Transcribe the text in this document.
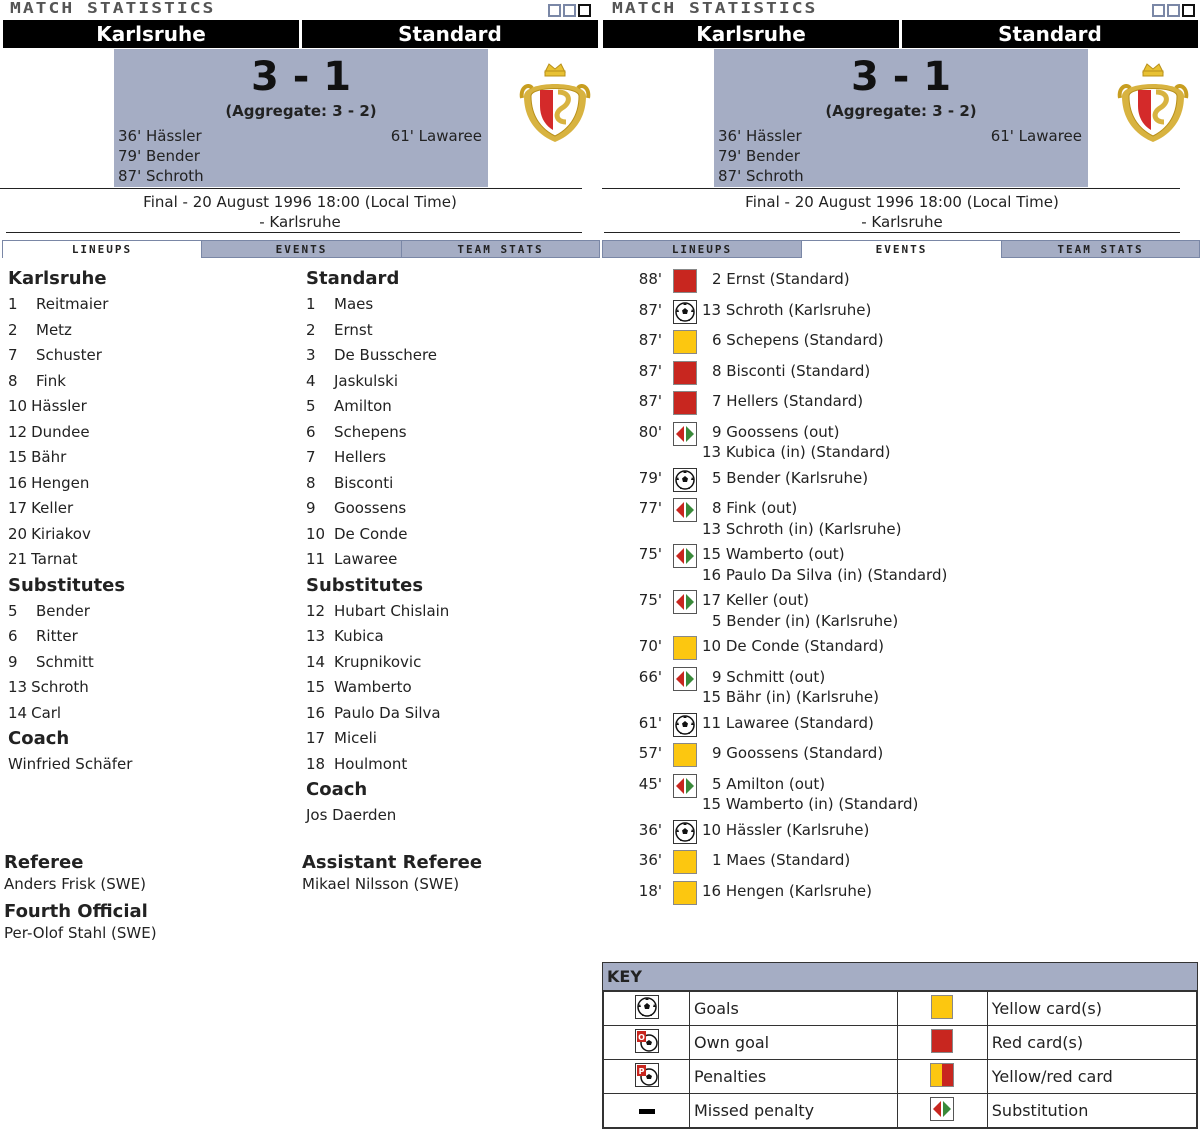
MATCH STATISTICS
Karlsruhe	Standard
3 - 1
(Aggregate: 3 - 2)
36' Hässler
79' Bender
87' Schroth
61' Lawaree
Final - 20 August 1996 18:00 (Local Time)
- Karlsruhe
LINEUPS	EVENTS	TEAM STATS
Karlsruhe
1 Reitmaier
2 Metz
7 Schuster
8 Fink
10 Hässler
12 Dundee
15 Bähr
16 Hengen
17 Keller
20 Kiriakov
21 Tarnat
Substitutes
5 Bender
6 Ritter
9 Schmitt
13 Schroth
14 Carl
Coach
Winfried Schäfer
Standard
1 Maes
2 Ernst
3 De Busschere
4 Jaskulski
5 Amilton
6 Schepens
7 Hellers
8 Bisconti
9 Goossens
10 De Conde
11 Lawaree
Substitutes
12 Hubart Chislain
13 Kubica
14 Krupnikovic
15 Wamberto
16 Paulo Da Silva
17 Miceli
18 Houlmont
Coach
Jos Daerden
Referee
Anders Frisk (SWE)
Fourth Official
Per-Olof Stahl (SWE)
Assistant Referee
Mikael Nilsson (SWE)
MATCH STATISTICS
Karlsruhe	Standard
3 - 1
(Aggregate: 3 - 2)
36' Hässler
79' Bender
87' Schroth
61' Lawaree
Final - 20 August 1996 18:00 (Local Time)
- Karlsruhe
LINEUPS	EVENTS	TEAM STATS
88'	2 Ernst (Standard)
87'	13 Schroth (Karlsruhe)
87'	6 Schepens (Standard)
87'	8 Bisconti (Standard)
87'	7 Hellers (Standard)
80'	9 Goossens (out)
13 Kubica (in) (Standard)
79'	5 Bender (Karlsruhe)
77'	8 Fink (out)
13 Schroth (in) (Karlsruhe)
75'	15 Wamberto (out)
16 Paulo Da Silva (in) (Standard)
75'	17 Keller (out)
5 Bender (in) (Karlsruhe)
70'	10 De Conde (Standard)
66'	9 Schmitt (out)
15 Bähr (in) (Karlsruhe)
61'	11 Lawaree (Standard)
57'	9 Goossens (Standard)
45'	5 Amilton (out)
15 Wamberto (in) (Standard)
36'	10 Hässler (Karlsruhe)
36'	1 Maes (Standard)
18'	16 Hengen (Karlsruhe)
KEY
	Goals		Yellow card(s)

O	Own goal		Red card(s)

P	Penalties		Yellow/red card
	Missed penalty		Substitution
